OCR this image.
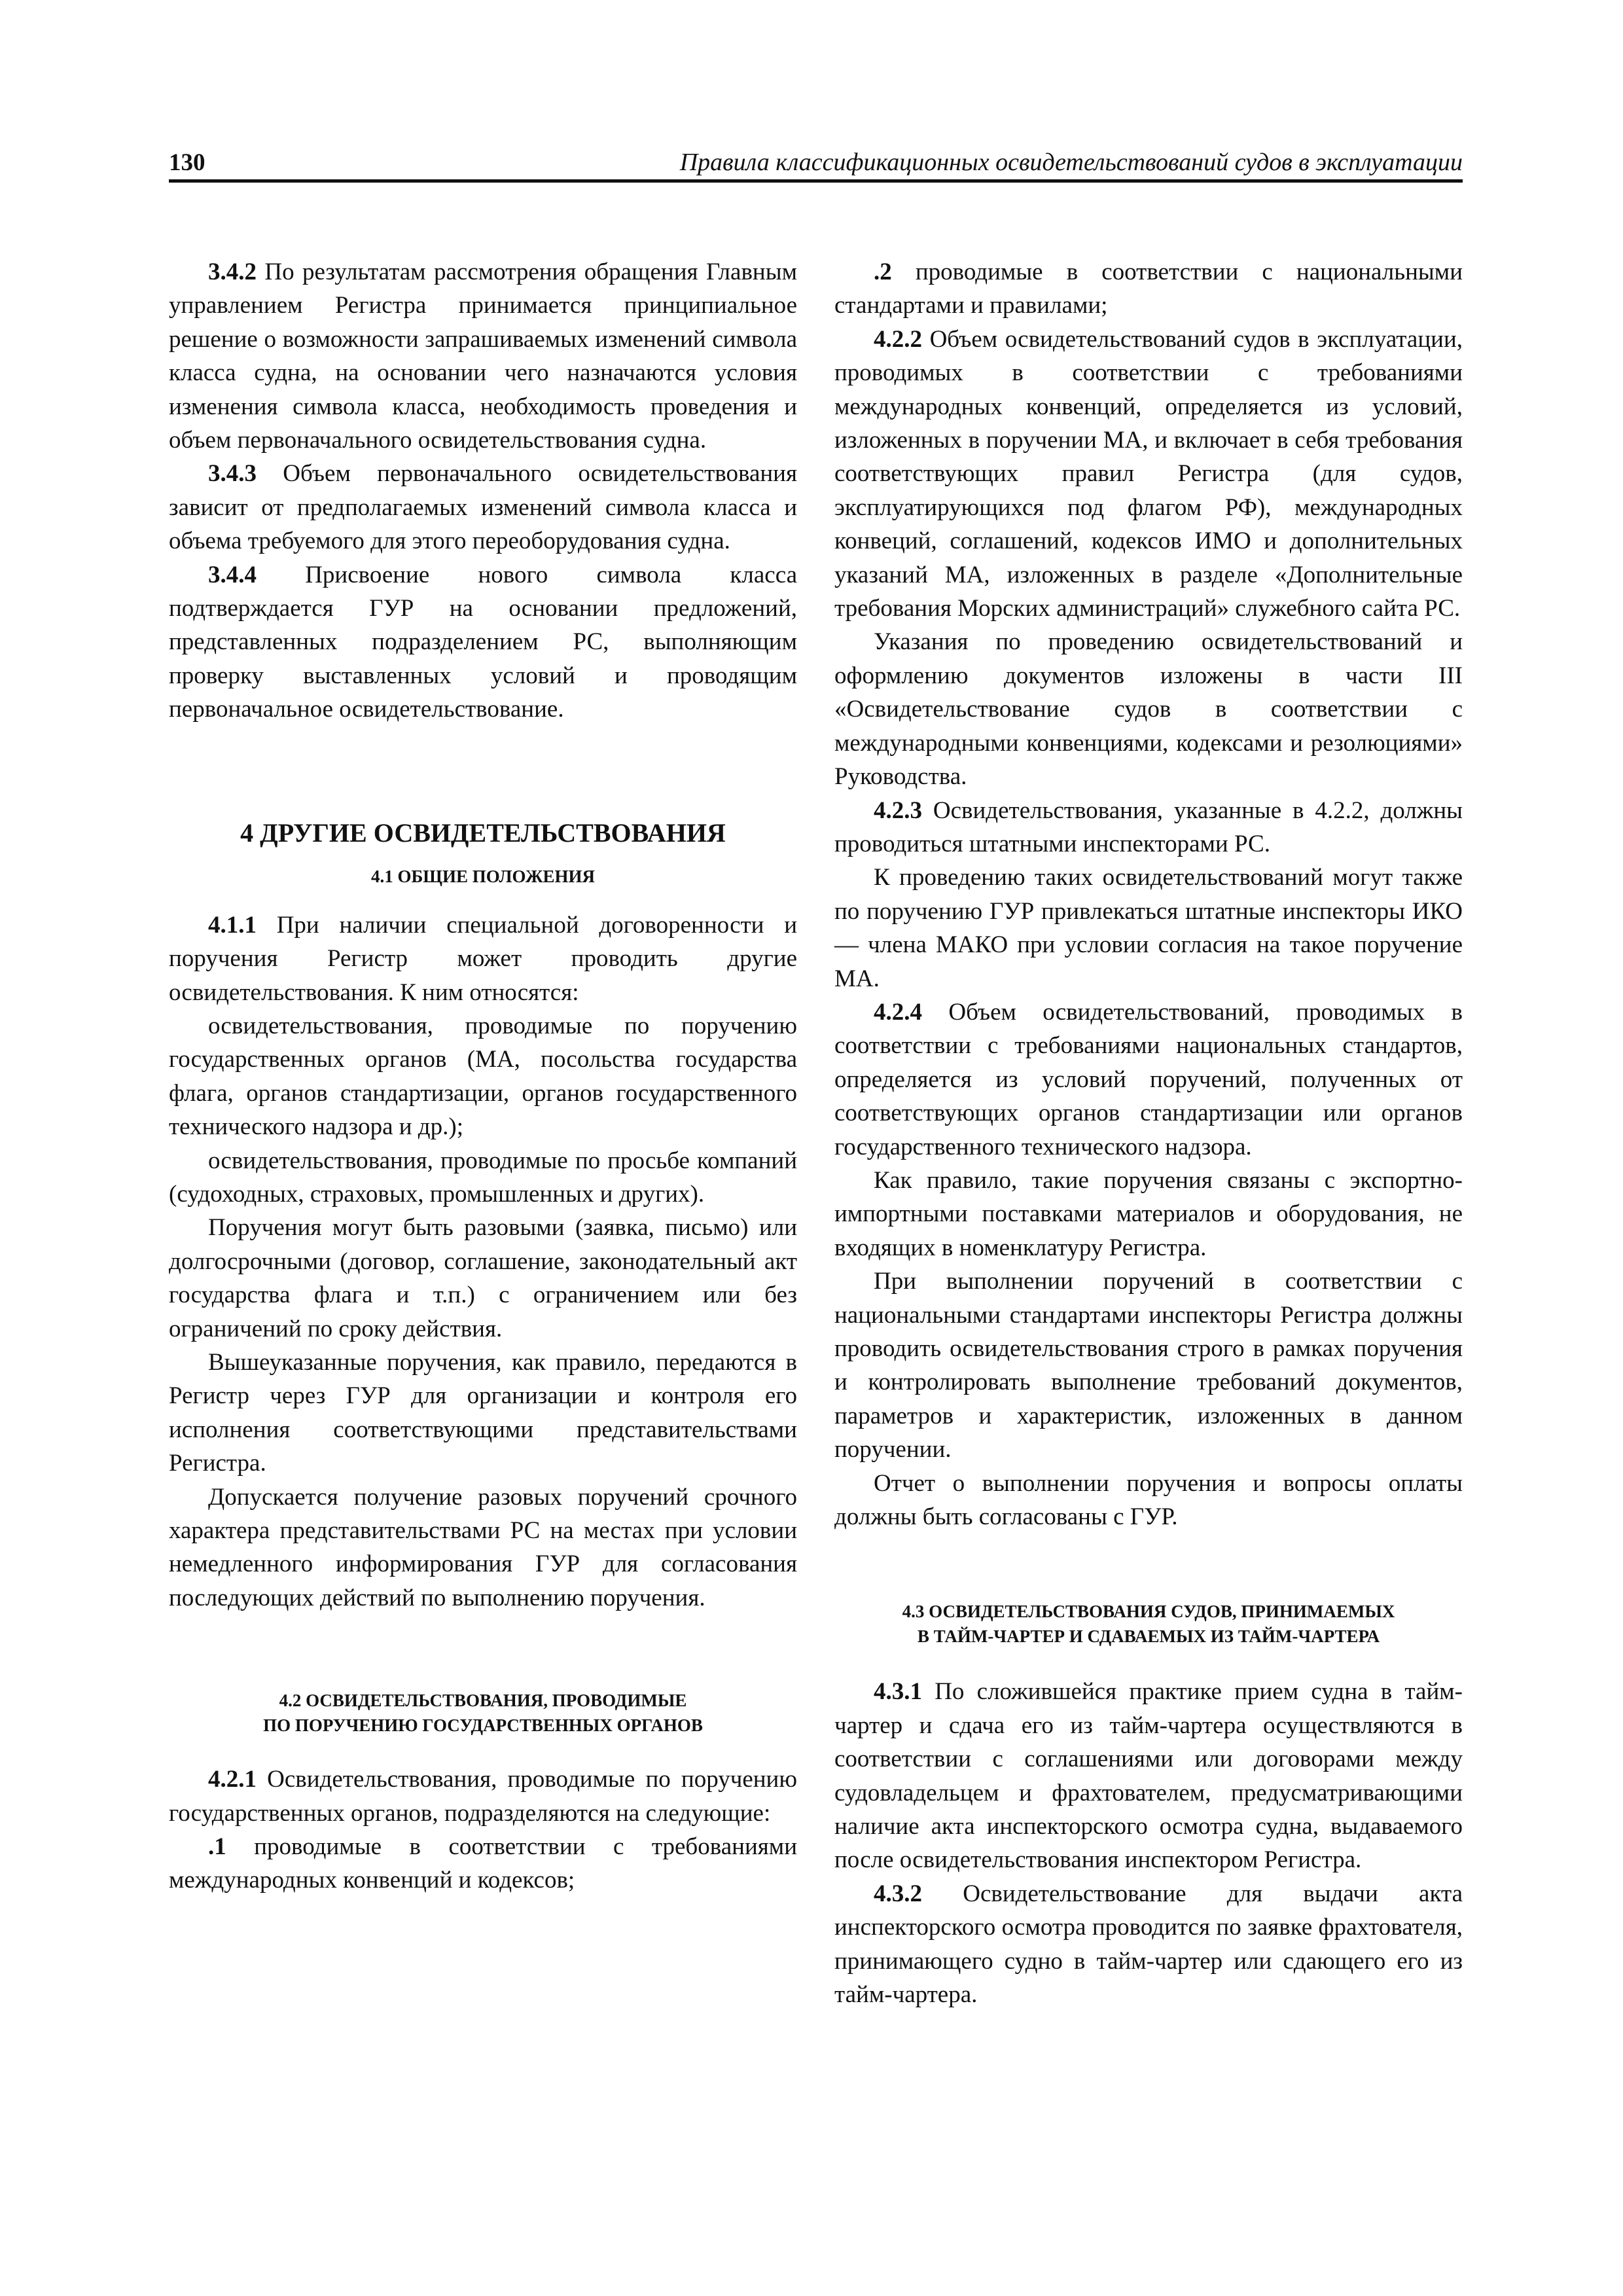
130	Правила классификационных освидетельствований судов в эксплуатации

3.4.2 По результатам рассмотрения обращения Главным управлением Регистра принимается принципиальное решение о возможности запрашиваемых изменений символа класса судна, на основании чего назначаются условия изменения символа класса, необходимость проведения и объем первоначального освидетельствования судна.

3.4.3 Объем первоначального освидетельствования зависит от предполагаемых изменений символа класса и объема требуемого для этого переоборудования судна.

3.4.4 Присвоение нового символа класса подтверждается ГУР на основании предложений, представленных подразделением РС, выполняющим проверку выставленных условий и проводящим первоначальное освидетельствование.

4 ДРУГИЕ ОСВИДЕТЕЛЬСТВОВАНИЯ
4.1 ОБЩИЕ ПОЛОЖЕНИЯ

4.1.1 При наличии специальной договоренности и поручения Регистр может проводить другие освидетельствования. К ним относятся:

освидетельствования, проводимые по поручению государственных органов (МА, посольства государства флага, органов стандартизации, органов государственного технического надзора и др.);

освидетельствования, проводимые по просьбе компаний (судоходных, страховых, промышленных и других).

Поручения могут быть разовыми (заявка, письмо) или долгосрочными (договор, соглашение, законодательный акт государства флага и т.п.) с ограничением или без ограничений по сроку действия.

Вышеуказанные поручения, как правило, передаются в Регистр через ГУР для организации и контроля его исполнения соответствующими представительствами Регистра.

Допускается получение разовых поручений срочного характера представительствами РС на местах при условии немедленного информирования ГУР для согласования последующих действий по выполнению поручения.

4.2 ОСВИДЕТЕЛЬСТВОВАНИЯ, ПРОВОДИМЫЕ
ПО ПОРУЧЕНИЮ ГОСУДАРСТВЕННЫХ ОРГАНОВ

4.2.1 Освидетельствования, проводимые по поручению государственных органов, подразделяются на следующие:

.1 проводимые в соответствии с требованиями международных конвенций и кодексов;

.2 проводимые в соответствии с национальными стандартами и правилами;

4.2.2 Объем освидетельствований судов в эксплуатации, проводимых в соответствии с требованиями международных конвенций, определяется из условий, изложенных в поручении МА, и включает в себя требования соответствующих правил Регистра (для судов, эксплуатирующихся под флагом РФ), международных конвеций, соглашений, кодексов ИМО и дополнительных указаний МА, изложенных в разделе «Дополнительные требования Морских администраций» служебного сайта РС.

Указания по проведению освидетельствований и оформлению документов изложены в части III «Освидетельствование судов в соответствии с международными конвенциями, кодексами и резолюциями» Руководства.

4.2.3 Освидетельствования, указанные в 4.2.2, должны проводиться штатными инспекторами РС.

К проведению таких освидетельствований могут также по поручению ГУР привлекаться штатные инспекторы ИКО — члена МАКО при условии согласия на такое поручение МА.

4.2.4 Объем освидетельствований, проводимых в соответствии с требованиями национальных стандартов, определяется из условий поручений, полученных от соответствующих органов стандартизации или органов государственного технического надзора.

Как правило, такие поручения связаны с экспортно-импортными поставками материалов и оборудования, не входящих в номенклатуру Регистра.

При выполнении поручений в соответствии с национальными стандартами инспекторы Регистра должны проводить освидетельствования строго в рамках поручения и контролировать выполнение требований документов, параметров и характеристик, изложенных в данном поручении.

Отчет о выполнении поручения и вопросы оплаты должны быть согласованы с ГУР.

4.3 ОСВИДЕТЕЛЬСТВОВАНИЯ СУДОВ, ПРИНИМАЕМЫХ
В ТАЙМ-ЧАРТЕР И СДАВАЕМЫХ ИЗ ТАЙМ-ЧАРТЕРА

4.3.1 По сложившейся практике прием судна в тайм-чартер и сдача его из тайм-чартера осуществляются в соответствии с соглашениями или договорами между судовладельцем и фрахтователем, предусматривающими наличие акта инспекторского осмотра судна, выдаваемого после освидетельствования инспектором Регистра.

4.3.2 Освидетельствование для выдачи акта инспекторского осмотра проводится по заявке фрахтователя, принимающего судно в тайм-чартер или сдающего его из тайм-чартера.
